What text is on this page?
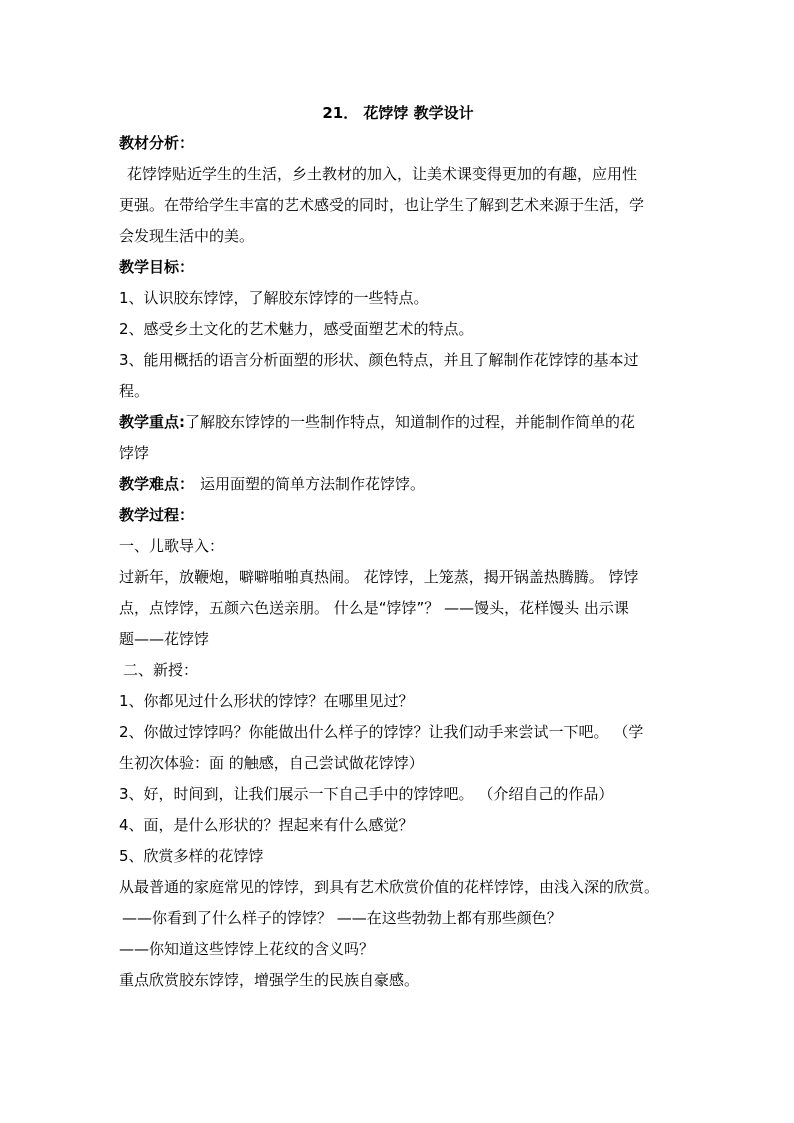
21． 花饽饽 教学设计
教材分析：
花饽饽贴近学生的生活，乡土教材的加入，让美术课变得更加的有趣，应用性
更强。在带给学生丰富的艺术感受的同时，也让学生了解到艺术来源于生活，学
会发现生活中的美。
教学目标：
1、认识胶东饽饽，了解胶东饽饽的一些特点。
2、感受乡土文化的艺术魅力，感受面塑艺术的特点。
3、能用概括的语言分析面塑的形状、颜色特点，并且了解制作花饽饽的基本过
程。
教学重点:了解胶东饽饽的一些制作特点，知道制作的过程，并能制作简单的花
饽饽
教学难点： 运用面塑的简单方法制作花饽饽。
教学过程：
一、儿歌导入：
过新年，放鞭炮，噼噼啪啪真热闹。 花饽饽，上笼蒸，揭开锅盖热腾腾。 饽饽
点，点饽饽，五颜六色送亲朋。 什么是“饽饽”？ ——馒头，花样馒头 出示课
题——花饽饽
二、新授：
1、你都见过什么形状的饽饽？在哪里见过？
2、你做过饽饽吗？你能做出什么样子的饽饽？让我们动手来尝试一下吧。 （学
生初次体验：面 的触感，自己尝试做花饽饽）
3、好，时间到，让我们展示一下自己手中的饽饽吧。 （介绍自己的作品）
4、面，是什么形状的？捏起来有什么感觉？
5、欣赏多样的花饽饽
从最普通的家庭常见的饽饽，到具有艺术欣赏价值的花样饽饽，由浅入深的欣赏。
——你看到了什么样子的饽饽？ ——在这些勃勃上都有那些颜色？
——你知道这些饽饽上花纹的含义吗？
重点欣赏胶东饽饽，增强学生的民族自豪感。
